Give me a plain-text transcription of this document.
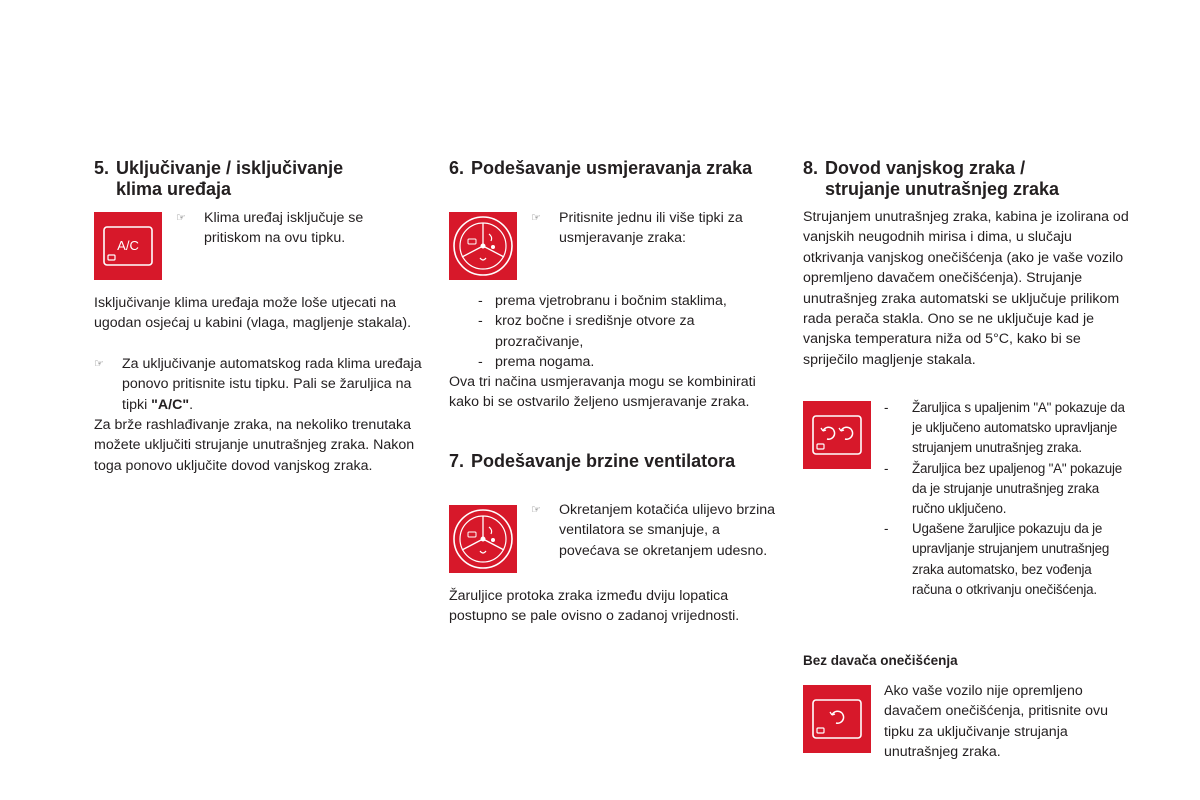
5. Uključivanje / isključivanje
klima uređaja
A/C
☞	Klima uređaj isključuje se pritiskom na ovu tipku.

Isključivanje klima uređaja može loše utjecati na ugodan osjećaj u kabini (vlaga, magljenje stakala).

☞	Za uključivanje automatskog rada klima uređaja ponovo pritisnite istu tipku. Pali se žaruljica na tipki "A/C".

Za brže rashlađivanje zraka, na nekoliko trenutaka možete uključiti strujanje unutrašnjeg zraka. Nakon toga ponovo uključite dovod vanjskog zraka.

6. Podešavanje usmjeravanja zraka
☞	Pritisnite jednu ili više tipki za usmjeravanje zraka:
- prema vjetrobranu i bočnim staklima,
- kroz bočne i središnje otvore za prozračivanje,
- prema nogama.

Ova tri načina usmjeravanja mogu se kombinirati kako bi se ostvarilo željeno usmjeravanje zraka.

7. Podešavanje brzine ventilatora
☞	Okretanjem kotačića ulijevo brzina ventilatora se smanjuje, a povećava se okretanjem udesno.

Žaruljice protoka zraka između dviju lopatica postupno se pale ovisno o zadanoj vrijednosti.

8. Dovod vanjskog zraka /
strujanje unutrašnjeg zraka

Strujanjem unutrašnjeg zraka, kabina je izolirana od vanjskih neugodnih mirisa i dima, u slučaju otkrivanja vanjskog onečišćenja (ako je vaše vozilo opremljeno davačem onečišćenja). Strujanje unutrašnjeg zraka automatski se uključuje prilikom rada perača stakla. Ono se ne uključuje kad je vanjska temperatura niža od 5°C, kako bi se spriječilo magljenje stakala.

- Žaruljica s upaljenim "A" pokazuje da je uključeno automatsko upravljanje strujanjem unutrašnjeg zraka.
- Žaruljica bez upaljenog "A" pokazuje da je strujanje unutrašnjeg zraka ručno uključeno.
- Ugašene žaruljice pokazuju da je upravljanje strujanjem unutrašnjeg zraka automatsko, bez vođenja računa o otkrivanju onečišćenja.
Bez davača onečišćenja

Ako vaše vozilo nije opremljeno davačem onečišćenja, pritisnite ovu tipku za uključivanje strujanja unutrašnjeg zraka.
